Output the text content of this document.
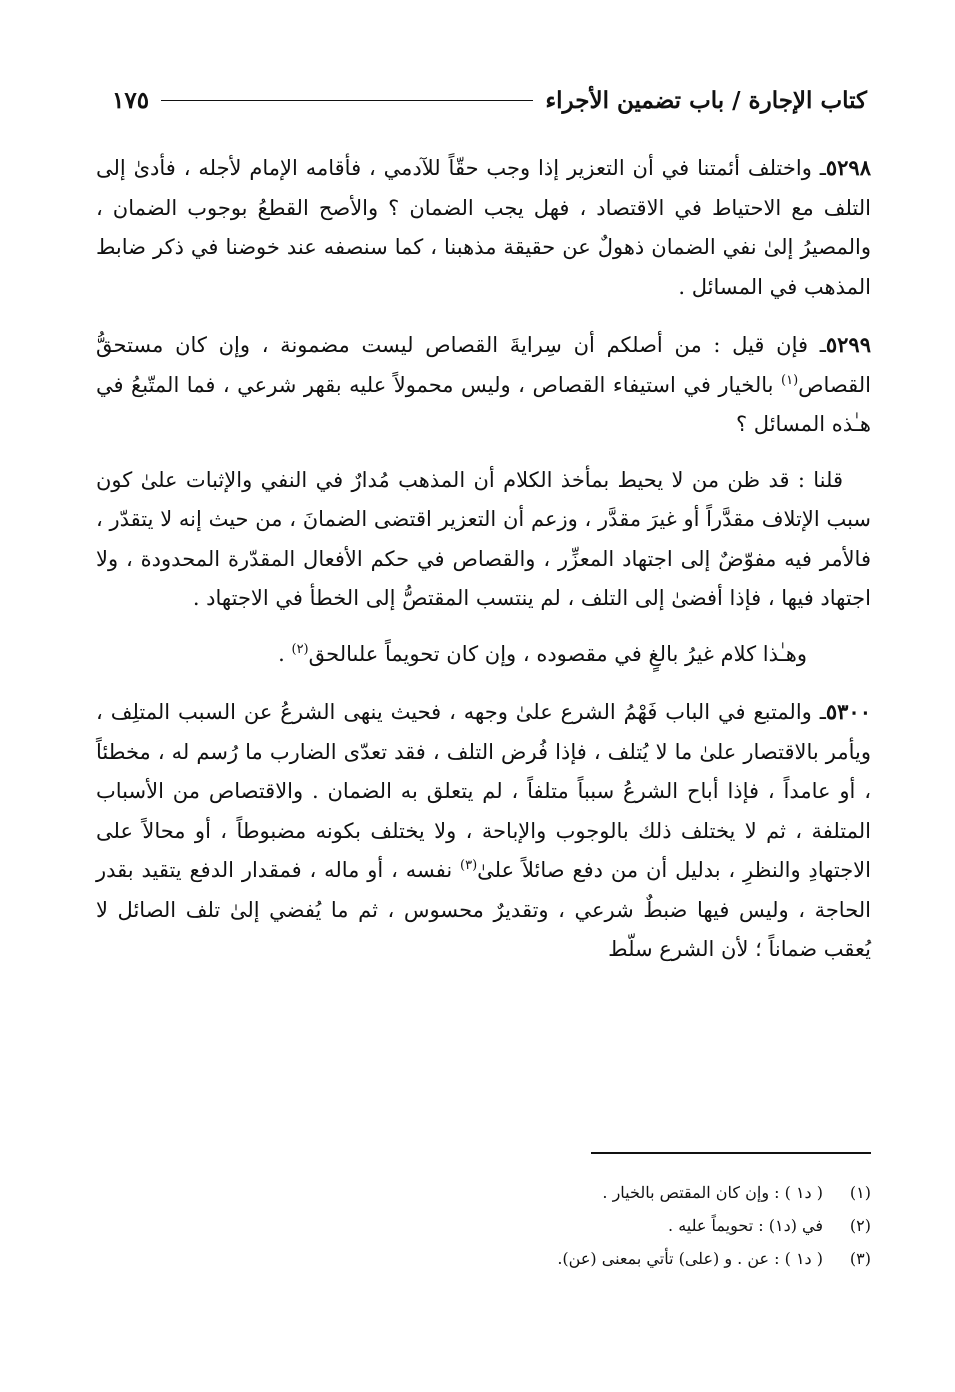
كتاب الإجارة / باب تضمين الأجراء
١٧٥

٥٢٩٨ـ واختلف أئمتنا في أن التعزير إذا وجب حقّاً للآدمي ، فأقامه الإمام لأجله ، فأدىٰ إلى التلف مع الاحتياط في الاقتصاد ، فهل يجب الضمان ؟ والأصح القطعُ بوجوب الضمان ، والمصيرُ إلىٰ نفي الضمان ذهولٌ عن حقيقة مذهبنا ، كما سنصفه عند خوضنا في ذكر ضابط المذهب في المسائل .

٥٢٩٩ـ فإن قيل : من أصلكم أن سِرايةَ القصاص ليست مضمونة ، وإن كان مستحقُّ القصاص$^{(١)}$ بالخيار في استيفاء القصاص ، وليس محمولاً عليه بقهر شرعي ، فما المتّبعُ في هـٰذه المسائل ؟

قلنا : قد ظن من لا يحيط بمأخذ الكلام أن المذهب مُدارٌ في النفي والإثبات علىٰ كون سبب الإتلاف مقدَّراً أو غيرَ مقدَّر ، وزعم أن التعزير اقتضى الضمانَ ، من حيث إنه لا يتقدّر ، فالأمر فيه مفوّضٌ إلى اجتهاد المعزِّر ، والقصاص في حكم الأفعال المقدّرة المحدودة ، ولا اجتهاد فيها ، فإذا أفضىٰ إلى التلف ، لم ينتسب المقتصُّ إلى الخطأ في الاجتهاد .

وهـٰذا كلام غيرُ بالغٍ في مقصوده ، وإن كان تحويماً علىالحق$^{(٢)}$ .

٥٣٠٠ـ والمتبع في الباب فَهْمُ الشرع علىٰ وجهه ، فحيث ينهى الشرعُ عن السبب المتلِف ، ويأمر بالاقتصار علىٰ ما لا يُتلف ، فإذا فُرض التلف ، فقد تعدّى الضارب ما رُسم له ، مخطئاً ، أو عامداً ، فإذا أباح الشرعُ سبباً متلفاً ، لم يتعلق به الضمان . والاقتصاص من الأسباب المتلفة ، ثم لا يختلف ذلك بالوجوب والإباحة ، ولا يختلف بكونه مضبوطاً ، أو محالاً على الاجتهادِ والنظرِ ، بدليل أن من دفع صائلاً علىٰ$^{(٣)}$ نفسه ، أو ماله ، فمقدار الدفع يتقيد بقدر الحاجة ، وليس فيها ضبطٌ شرعي ، وتقديرٌ محسوس ، ثم ما يُفضي إلىٰ تلف الصائل لا يُعقب ضماناً ؛ لأن الشرع سلّط

(١)
( د١ ) : وإن كان المقتص بالخيار .
(٢)
في (د١) : تحويماً عليه .
(٣)
( د١ ) : عن . و (على) تأتي بمعنى (عن).
